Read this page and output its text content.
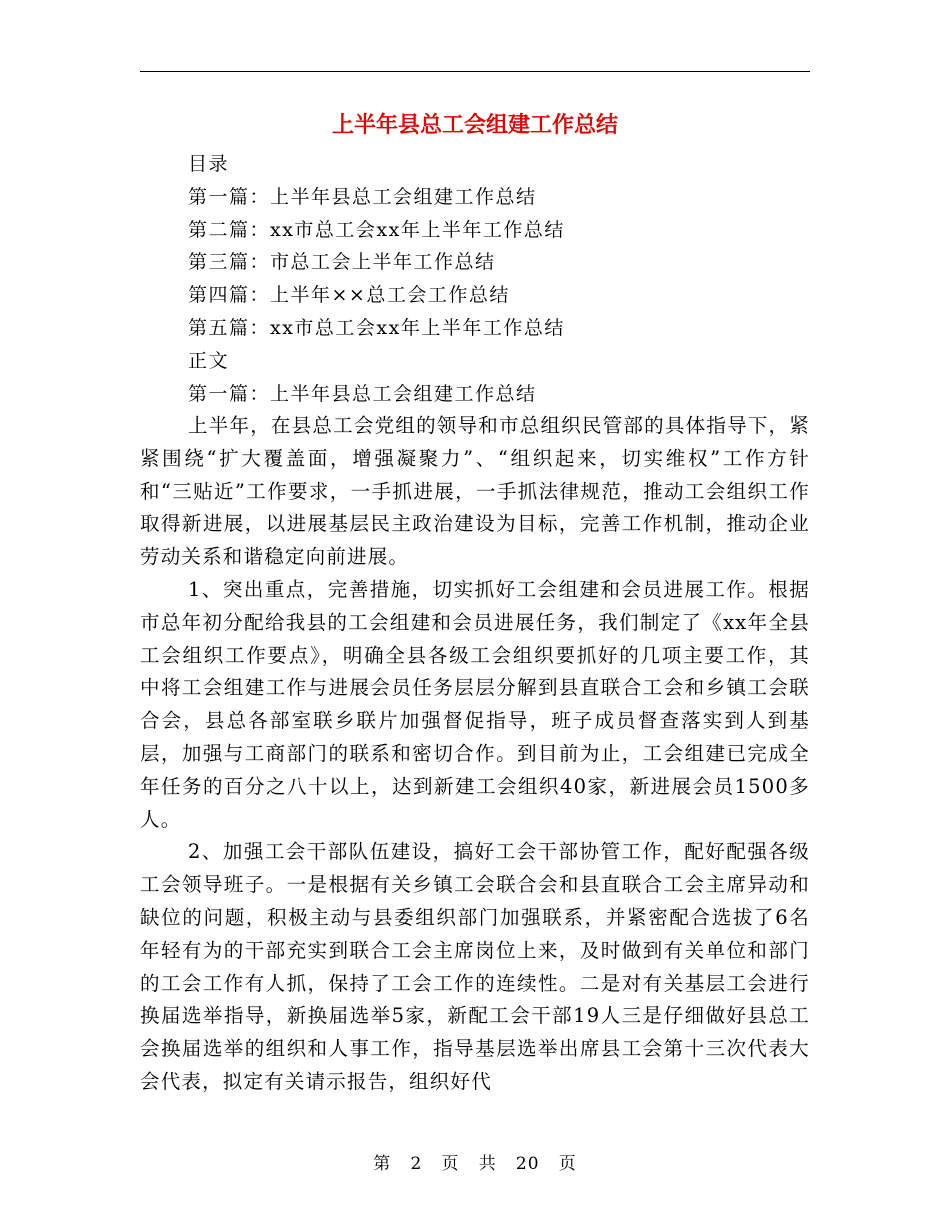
上半年县总工会组建工作总结
目录
第一篇：上半年县总工会组建工作总结
第二篇：xx市总工会xx年上半年工作总结
第三篇：市总工会上半年工作总结
第四篇：上半年××总工会工作总结
第五篇：xx市总工会xx年上半年工作总结
正文
第一篇：上半年县总工会组建工作总结

上半年，在县总工会党组的领导和市总组织民管部的具体指导下，紧紧围绕“扩大覆盖面，增强凝聚力”、“组织起来，切实维权”工作方针和“三贴近”工作要求，一手抓进展，一手抓法律规范，推动工会组织工作取得新进展，以进展基层民主政治建设为目标，完善工作机制，推动企业劳动关系和谐稳定向前进展。

1、突出重点，完善措施，切实抓好工会组建和会员进展工作。根据市总年初分配给我县的工会组建和会员进展任务，我们制定了《xx年全县工会组织工作要点》，明确全县各级工会组织要抓好的几项主要工作，其中将工会组建工作与进展会员任务层层分解到县直联合工会和乡镇工会联合会，县总各部室联乡联片加强督促指导，班子成员督查落实到人到基层，加强与工商部门的联系和密切合作。到目前为止，工会组建已完成全年任务的百分之八十以上，达到新建工会组织40家，新进展会员1500多人。

2、加强工会干部队伍建设，搞好工会干部协管工作，配好配强各级工会领导班子。一是根据有关乡镇工会联合会和县直联合工会主席异动和缺位的问题，积极主动与县委组织部门加强联系，并紧密配合选拔了6名年轻有为的干部充实到联合工会主席岗位上来，及时做到有关单位和部门的工会工作有人抓，保持了工会工作的连续性。二是对有关基层工会进行换届选举指导，新换届选举5家，新配工会干部19人三是仔细做好县总工会换届选举的组织和人事工作，指导基层选举出席县工会第十三次代表大会代表，拟定有关请示报告，组织好代

第 2 页 共 20 页
